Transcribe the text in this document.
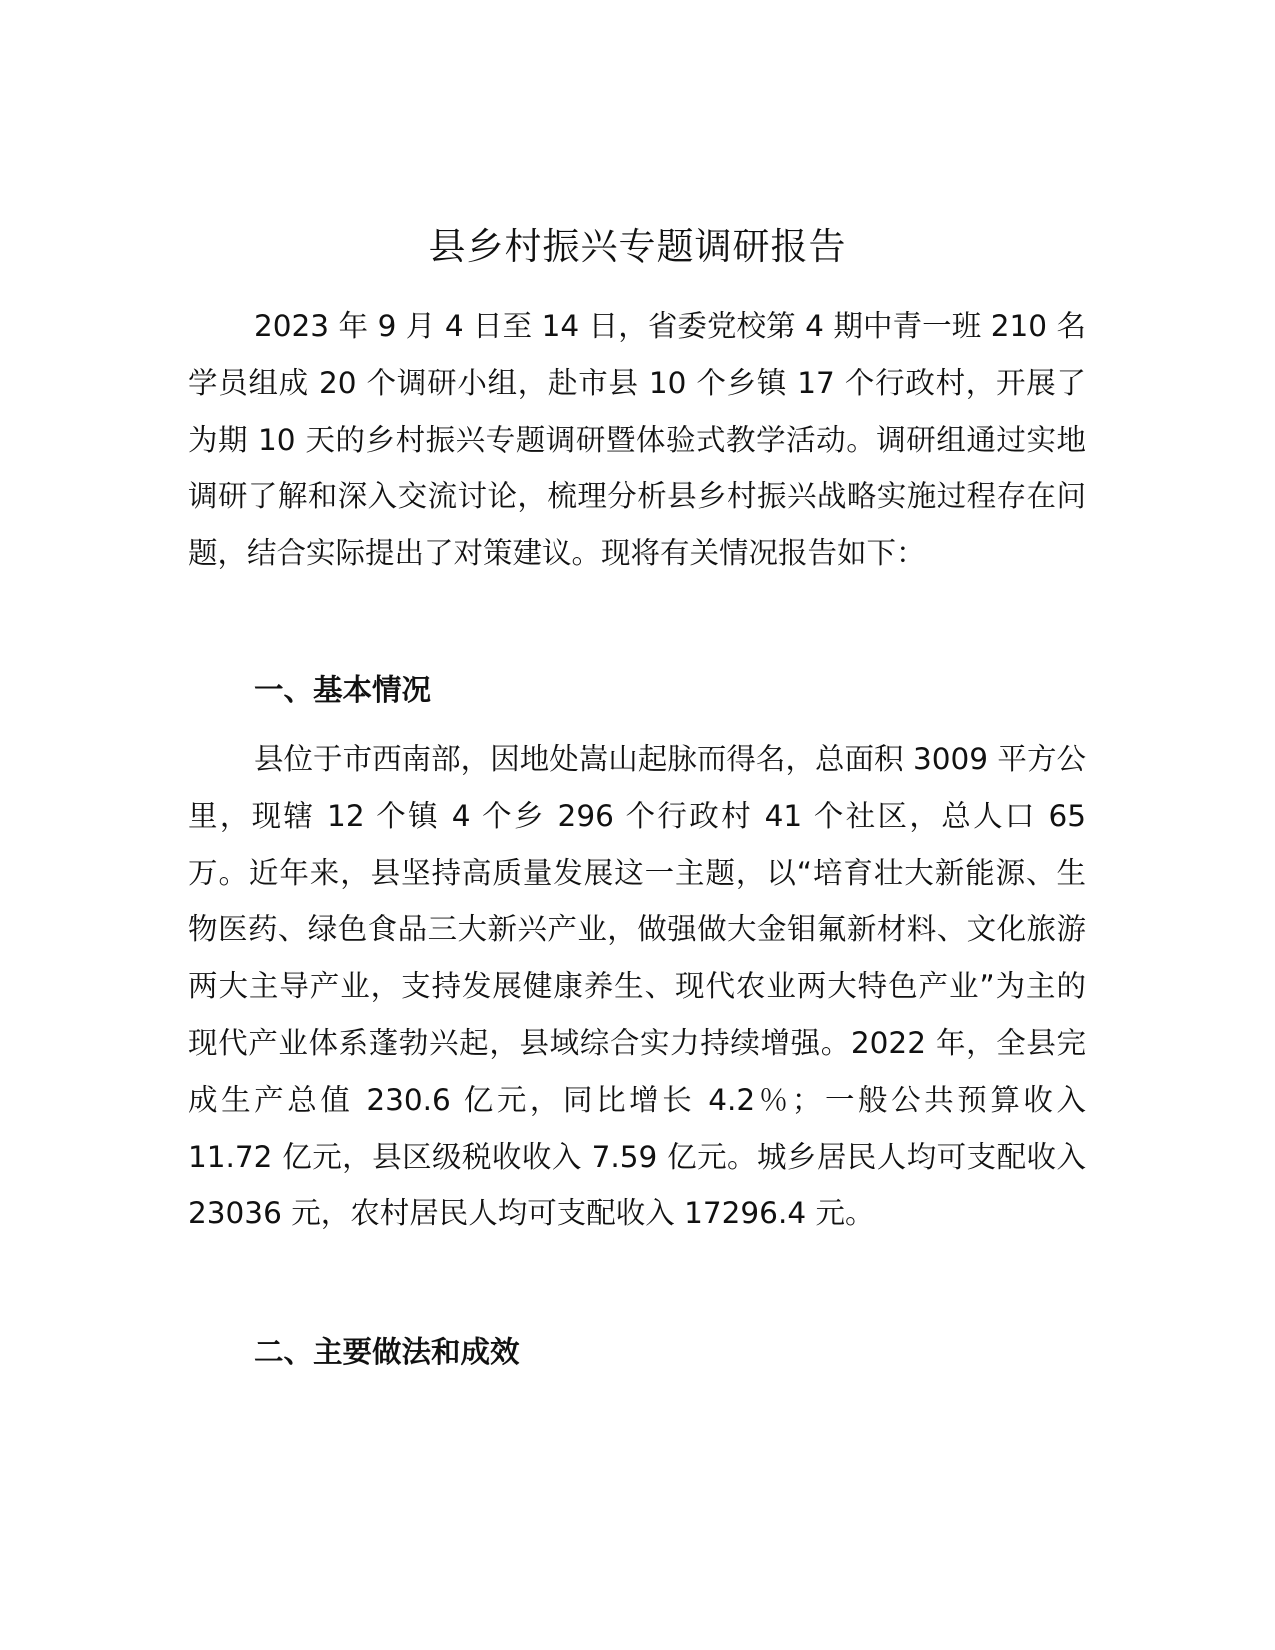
县乡村振兴专题调研报告

2023 年 9 月 4 日至 14 日，省委党校第 4 期中青一班 210 名学员组成 20 个调研小组，赴市县 10 个乡镇 17 个行政村，开展了为期 10 天的乡村振兴专题调研暨体验式教学活动。调研组通过实地调研了解和深入交流讨论，梳理分析县乡村振兴战略实施过程存在问题，结合实际提出了对策建议。现将有关情况报告如下：

一、基本情况

县位于市西南部，因地处嵩山起脉而得名，总面积 3009 平方公里，现辖 12 个镇 4 个乡 296 个行政村 41 个社区，总人口 65 万。近年来，县坚持高质量发展这一主题，以“培育壮大新能源、生物医药、绿色食品三大新兴产业，做强做大金钼氟新材料、文化旅游两大主导产业，支持发展健康养生、现代农业两大特色产业”为主的现代产业体系蓬勃兴起，县域综合实力持续增强。2022 年，全县完成生产总值 230.6 亿元，同比增长 4.2％；一般公共预算收入 11.72 亿元，县区级税收收入 7.59 亿元。城乡居民人均可支配收入 23036 元，农村居民人均可支配收入 17296.4 元。

二、主要做法和成效
